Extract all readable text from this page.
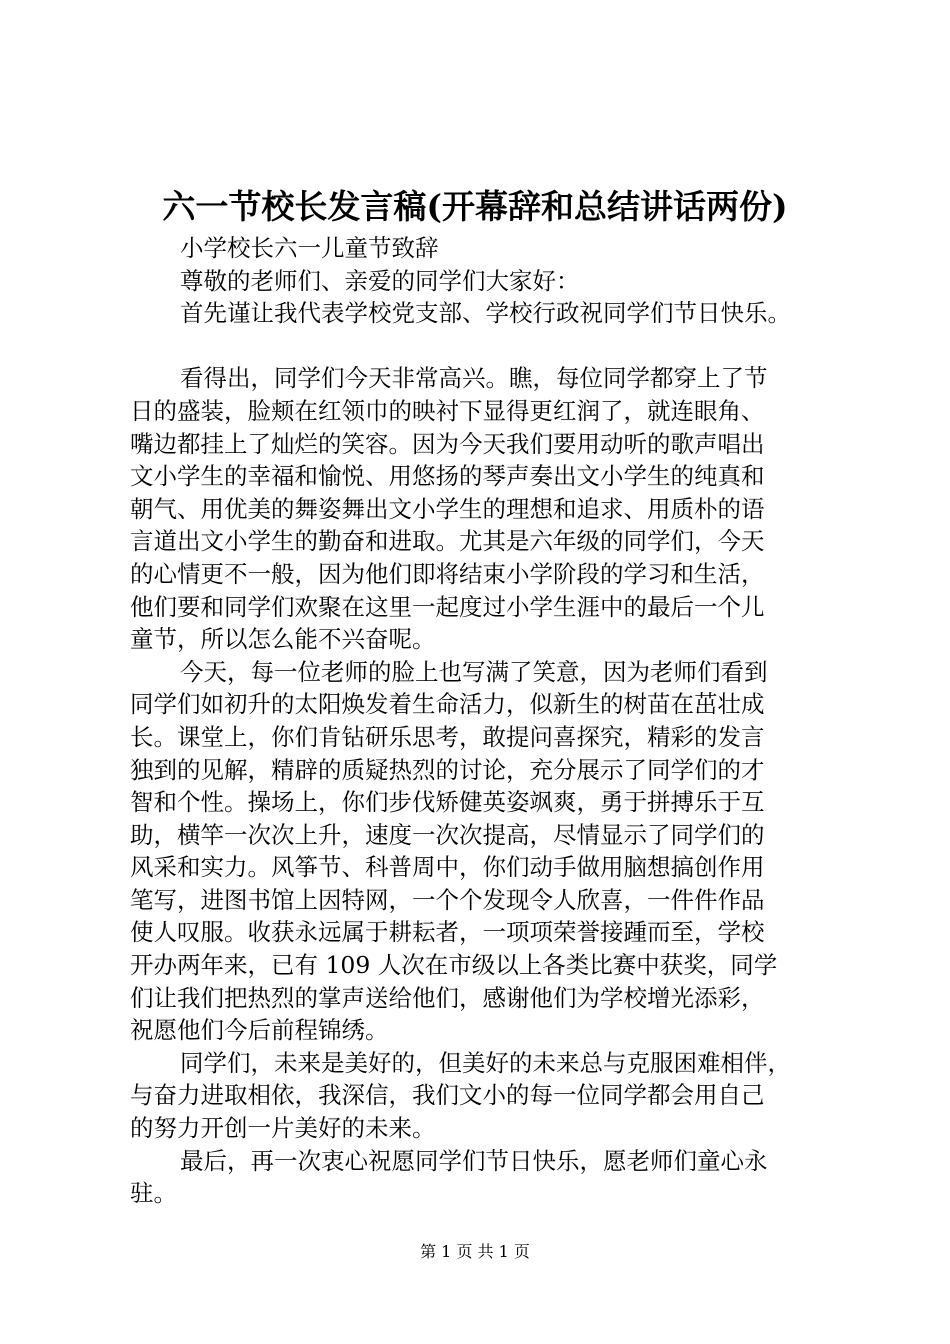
六一节校长发言稿(开幕辞和总结讲话两份)
小学校长六一儿童节致辞
尊敬的老师们、亲爱的同学们大家好：
首先谨让我代表学校党支部、学校行政祝同学们节日快乐。
看得出，同学们今天非常高兴。瞧，每位同学都穿上了节
日的盛装，脸颊在红领巾的映衬下显得更红润了，就连眼角、
嘴边都挂上了灿烂的笑容。因为今天我们要用动听的歌声唱出
文小学生的幸福和愉悦、用悠扬的琴声奏出文小学生的纯真和
朝气、用优美的舞姿舞出文小学生的理想和追求、用质朴的语
言道出文小学生的勤奋和进取。尤其是六年级的同学们，今天
的心情更不一般，因为他们即将结束小学阶段的学习和生活，
他们要和同学们欢聚在这里一起度过小学生涯中的最后一个儿
童节，所以怎么能不兴奋呢。
今天，每一位老师的脸上也写满了笑意，因为老师们看到
同学们如初升的太阳焕发着生命活力，似新生的树苗在茁壮成
长。课堂上，你们肯钻研乐思考，敢提问喜探究，精彩的发言
独到的见解，精辟的质疑热烈的讨论，充分展示了同学们的才
智和个性。操场上，你们步伐矫健英姿飒爽，勇于拼搏乐于互
助，横竿一次次上升，速度一次次提高，尽情显示了同学们的
风采和实力。风筝节、科普周中，你们动手做用脑想搞创作用
笔写，进图书馆上因特网，一个个发现令人欣喜，一件件作品
使人叹服。收获永远属于耕耘者，一项项荣誉接踵而至，学校
开办两年来，已有 109 人次在市级以上各类比赛中获奖，同学
们让我们把热烈的掌声送给他们，感谢他们为学校增光添彩，
祝愿他们今后前程锦绣。
同学们，未来是美好的，但美好的未来总与克服困难相伴，
与奋力进取相依，我深信，我们文小的每一位同学都会用自己
的努力开创一片美好的未来。
最后，再一次衷心祝愿同学们节日快乐，愿老师们童心永
驻。
第 1 页 共 1 页
